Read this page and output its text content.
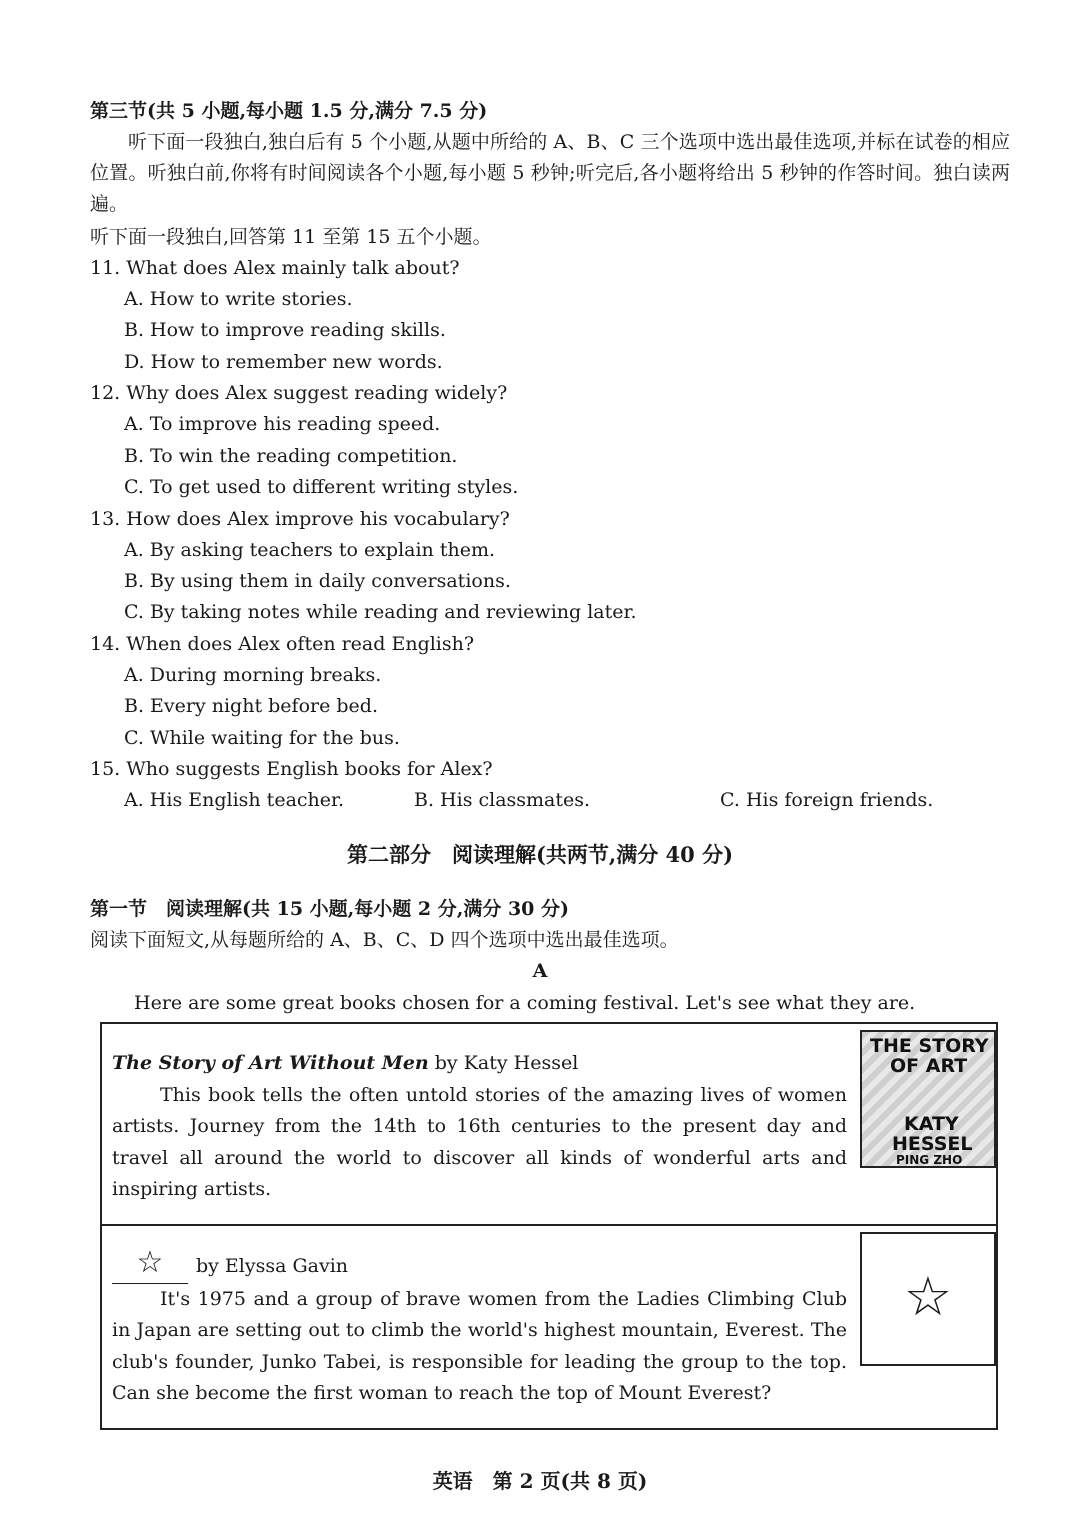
第三节(共 5 小题,每小题 1.5 分,满分 7.5 分)
听下面一段独白,独白后有 5 个小题,从题中所给的 A、B、C 三个选项中选出最佳选项,并标在试卷的相应位置。听独白前,你将有时间阅读各个小题,每小题 5 秒钟;听完后,各小题将给出 5 秒钟的作答时间。独白读两遍。
听下面一段独白,回答第 11 至第 15 五个小题。
11. What does Alex mainly talk about?
A. How to write stories.
B. How to improve reading skills.
D. How to remember new words.
12. Why does Alex suggest reading widely?
A. To improve his reading speed.
B. To win the reading competition.
C. To get used to different writing styles.
13. How does Alex improve his vocabulary?
A. By asking teachers to explain them.
B. By using them in daily conversations.
C. By taking notes while reading and reviewing later.
14. When does Alex often read English?
A. During morning breaks.
B. Every night before bed.
C. While waiting for the bus.
15. Who suggests English books for Alex?
A. His English teacher.	B. His classmates.	C. His foreign friends.
第二部分　阅读理解(共两节,满分 40 分)
第一节　阅读理解(共 15 小题,每小题 2 分,满分 30 分)
阅读下面短文,从每题所给的 A、B、C、D 四个选项中选出最佳选项。
A
Here are some great books chosen for a coming festival. Let's see what they are.
The Story of Art Without Men by Katy Hessel
This book tells the often untold stories of the amazing lives of women artists. Journey from the 14th to 16th centuries to the present day and travel all around the world to discover all kinds of wonderful arts and inspiring artists.
THE STORY
OF ART
KATY
HESSEL
PING ZHO
☆ by Elyssa Gavin
It's 1975 and a group of brave women from the Ladies Climbing Club in Japan are setting out to climb the world's highest mountain, Everest. The club's founder, Junko Tabei, is responsible for leading the group to the top. Can she become the first woman to reach the top of Mount Everest?
☆
英语　第 2 页(共 8 页)
